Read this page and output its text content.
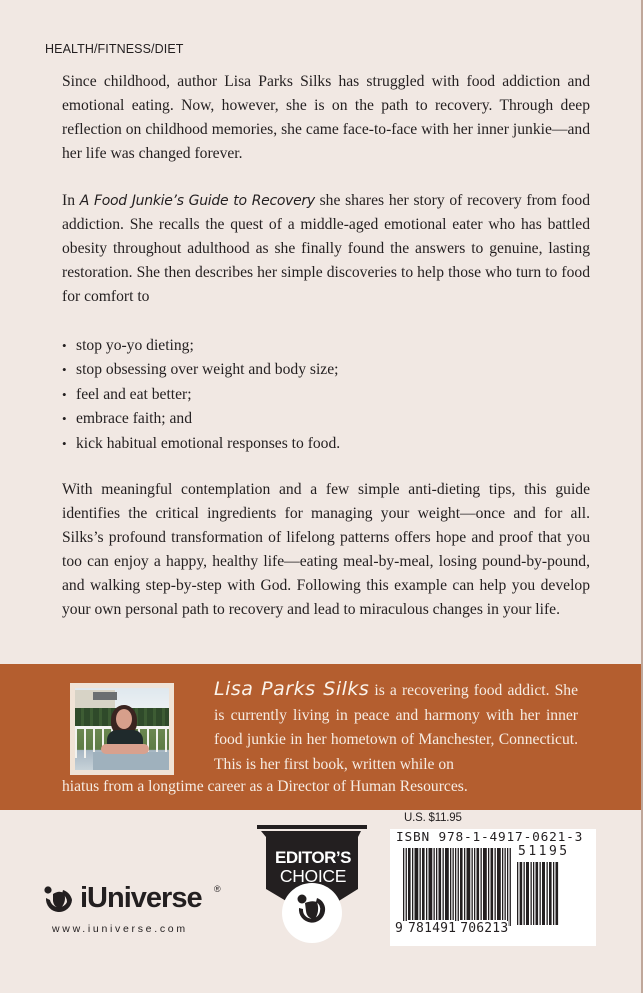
HEALTH/FITNESS/DIET

Since childhood, author Lisa Parks Silks has struggled with food addiction and emotional eating. Now, however, she is on the path to recovery. Through deep reflection on childhood memories, she came face-to-face with her inner junkie—and her life was changed forever.

In A Food Junkie’s Guide to Recovery she shares her story of recovery from food addiction. She recalls the quest of a middle-aged emotional eater who has battled obesity throughout adulthood as she finally found the answers to genuine, lasting restoration. She then describes her simple discoveries to help those who turn to food for comfort to

• stop yo-yo dieting;
• stop obsessing over weight and body size;
• feel and eat better;
• embrace faith; and
• kick habitual emotional responses to food.

With meaningful contemplation and a few simple anti-dieting tips, this guide identifies the critical ingredients for managing your weight—once and for all. Silks’s profound transformation of lifelong patterns offers hope and proof that you too can enjoy a happy, healthy life—eating meal-by-meal, losing pound-by-pound, and walking step-by-step with God. Following this example can help you develop your own personal path to recovery and lead to miraculous changes in your life.

Lisa Parks Silks is a recovering food addict. She is currently living in peace and harmony with her inner food junkie in her hometown of Manchester, Connecticut. This is her first book, written while on
hiatus from a longtime career as a Director of Human Resources.
iUniverse ®
www.iuniverse.com
EDITOR’S
CHOICE
U.S. $11.95
ISBN 978-1-4917-0621-3
51195
9 781491 706213
